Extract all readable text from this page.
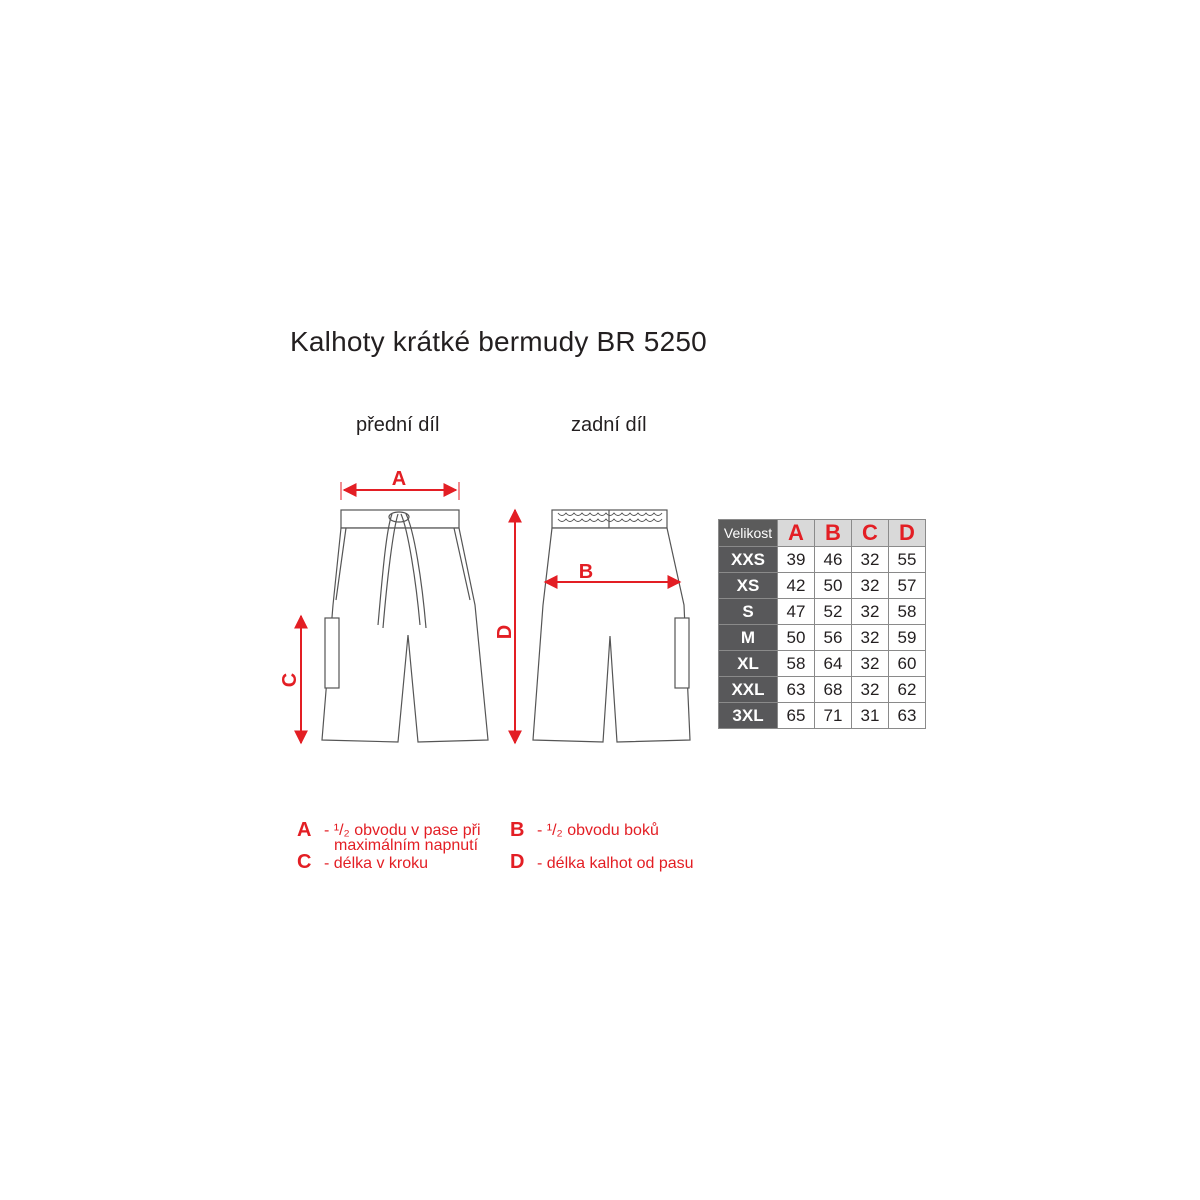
Kalhoty krátké bermudy BR 5250
přední díl	zadní díl
A
B
C
D
Velikost	A	B	C	D
XXS	39	46	32	55
XS	42	50	32	57
S	47	52	32	58
M	50	56	32	59
XL	58	64	32	60
XXL	63	68	32	62
3XL	65	71	31	63
A - ¹/₂ obvodu v pase při
maximálním napnutí
B - ¹/₂ obvodu boků
C - délka v kroku	D - délka kalhot od pasu
